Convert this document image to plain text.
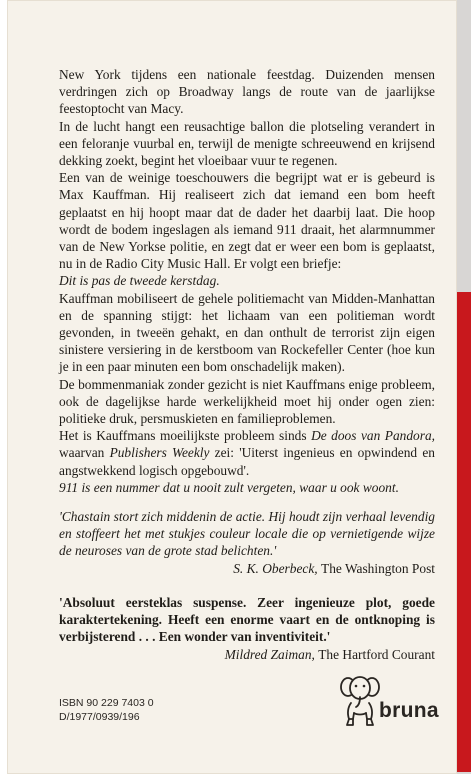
New York tijdens een nationale feestdag. Duizenden mensen verdringen zich op Broadway langs de route van de jaarlijkse feestoptocht van Macy.

In de lucht hangt een reusachtige ballon die plotseling verandert in een feloranje vuurbal en, terwijl de menigte schreeuwend en krijsend dekking zoekt, begint het vloeibaar vuur te regenen.

Een van de weinige toeschouwers die begrijpt wat er is gebeurd is Max Kauffman. Hij realiseert zich dat iemand een bom heeft geplaatst en hij hoopt maar dat de dader het daarbij laat. Die hoop wordt de bodem ingeslagen als iemand 911 draait, het alarmnummer van de New Yorkse politie, en zegt dat er weer een bom is geplaatst, nu in de Radio City Music Hall. Er volgt een briefje:
Dit is pas de tweede kerstdag.

Kauffman mobiliseert de gehele politiemacht van Midden-Manhattan en de spanning stijgt: het lichaam van een politieman wordt gevonden, in tweeën gehakt, en dan onthult de terrorist zijn eigen sinistere versiering in de kerstboom van Rockefeller Center (hoe kun je in een paar minuten een bom onschadelijk maken).

De bommenmaniak zonder gezicht is niet Kauffmans enige probleem, ook de dagelijkse harde werkelijkheid moet hij onder ogen zien: politieke druk, persmuskieten en familieproblemen.

Het is Kauffmans moeilijkste probleem sinds De doos van Pandora, waarvan Publishers Weekly zei: 'Uiterst ingenieus en opwindend en angstwekkend logisch opgebouwd'.

911 is een nummer dat u nooit zult vergeten, waar u ook woont.

'Chastain stort zich middenin de actie. Hij houdt zijn verhaal levendig en stoffeert het met stukjes couleur locale die op vernietigende wijze de neuroses van de grote stad belichten.'
S. K. Oberbeck, The Washington Post
'Absoluut eersteklas suspense. Zeer ingenieuze plot, goede karaktertekening. Heeft een enorme vaart en de ontknoping is verbijsterend . . . Een wonder van inventiviteit.'
Mildred Zaiman, The Hartford Courant
ISBN 90 229 7403 0
D/1977/0939/196	bruna
